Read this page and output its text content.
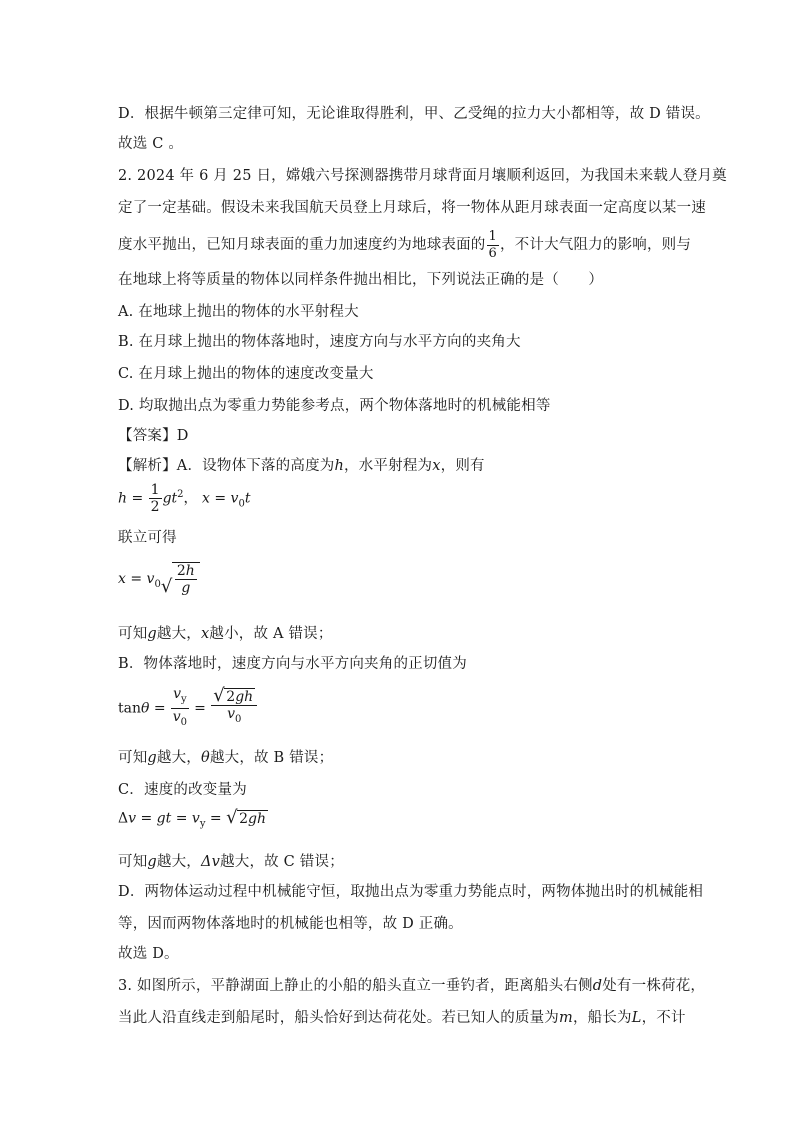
D．根据牛顿第三定律可知，无论谁取得胜利，甲、乙受绳的拉力大小都相等，故 D 错误。
故选 C 。
2. 2024 年 6 月 25 日，嫦娥六号探测器携带月球背面月壤顺利返回，为我国未来载人登月奠
定了一定基础。假设未来我国航天员登上月球后，将一物体从距月球表面一定高度以某一速
度水平抛出，已知月球表面的重力加速度约为地球表面的 $\frac{1}{6}$ ，不计大气阻力的影响，则与
在地球上将等质量的物体以同样条件抛出相比，下列说法正确的是（　　）
A. 在地球上抛出的物体的水平射程大
B. 在月球上抛出的物体落地时，速度方向与水平方向的夹角大
C. 在月球上抛出的物体的速度改变量大
D. 均取抛出点为零重力势能参考点，两个物体落地时的机械能相等
【答案】D
【解析】A．设物体下落的高度为h，水平射程为x，则有
$h = \frac{1}{2} gt^2$， $x = v_0t$
联立可得
$x = v_0$ √ $\frac{2h}{g}$
可知g越大，x越小，故 A 错误；
B．物体落地时，速度方向与水平方向夹角的正切值为
$\tan\theta = \frac{v_y}{v_0} = \frac{√ 2gh}{v_0}$
可知g越大，θ越大，故 B 错误；
C．速度的改变量为
Δv = gt = $v_y$ = √ 2gh
可知g越大，Δv越大，故 C 错误；
D．两物体运动过程中机械能守恒，取抛出点为零重力势能点时，两物体抛出时的机械能相
等，因而两物体落地时的机械能也相等，故 D 正确。
故选 D。
3. 如图所示，平静湖面上静止的小船的船头直立一垂钓者，距离船头右侧d处有一株荷花，
当此人沿直线走到船尾时，船头恰好到达荷花处。若已知人的质量为m，船长为L，不计
